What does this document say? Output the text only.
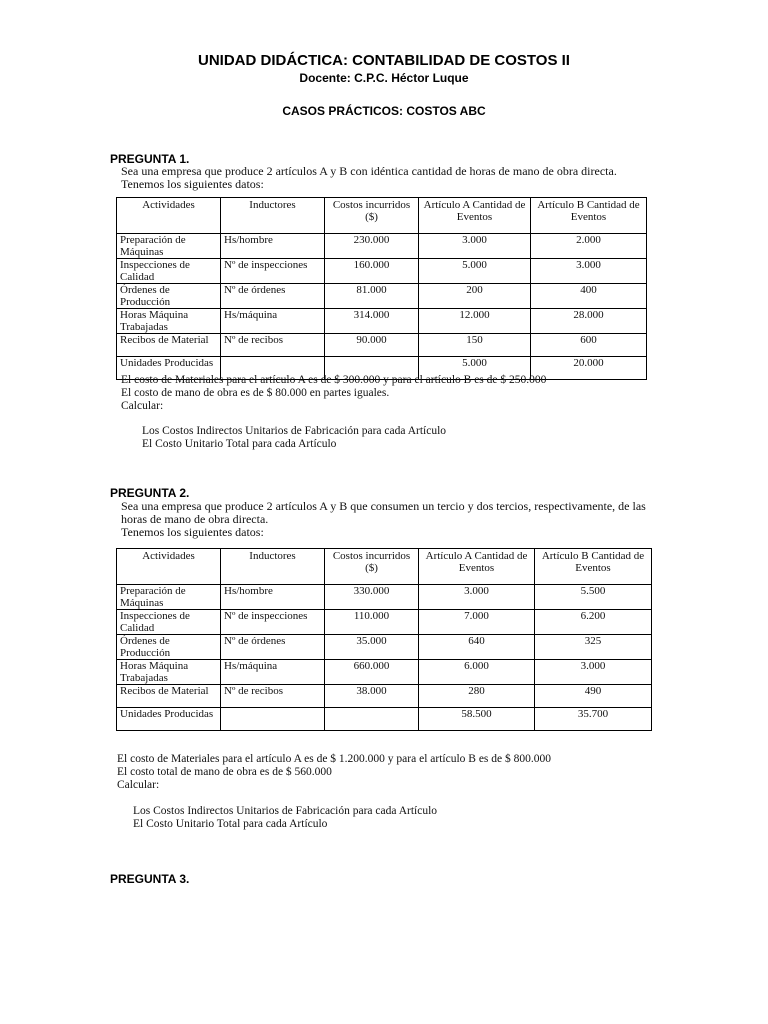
UNIDAD DIDÁCTICA: CONTABILIDAD DE COSTOS II
Docente: C.P.C. Héctor Luque
CASOS PRÁCTICOS: COSTOS ABC
PREGUNTA 1.

Sea una empresa que produce 2 artículos A y B con idéntica cantidad de horas de mano de obra directa.

Tenemos los siguientes datos:

Actividades	Inductores	Costos incurridos ($)	Artículo A Cantidad de Eventos	Artículo B Cantidad de Eventos
Preparación de Máquinas	Hs/hombre	230.000	3.000	2.000
Inspecciones de Calidad	Nº de inspecciones	160.000	5.000	3.000
Órdenes de Producción	Nº de órdenes	81.000	200	400
Horas Máquina Trabajadas	Hs/máquina	314.000	12.000	28.000
Recibos de Material	Nº de recibos	90.000	150	600
Unidades Producidas			5.000	20.000

El costo de Materiales para el artículo A es de $ 300.000 y para el artículo B es de $ 250.000

El costo de mano de obra es de $ 80.000 en partes iguales.

Calcular:

Los Costos Indirectos Unitarios de Fabricación para cada Artículo

El Costo Unitario Total para cada Artículo

PREGUNTA 2.

Sea una empresa que produce 2 artículos A y B que consumen un tercio y dos tercios, respectivamente, de las

horas de mano de obra directa.

Tenemos los siguientes datos:

Actividades	Inductores	Costos incurridos ($)	Artículo A Cantidad de Eventos	Artículo B Cantidad de Eventos
Preparación de Máquinas	Hs/hombre	330.000	3.000	5.500
Inspecciones de Calidad	Nº de inspecciones	110.000	7.000	6.200
Órdenes de Producción	Nº de órdenes	35.000	640	325
Horas Máquina Trabajadas	Hs/máquina	660.000	6.000	3.000
Recibos de Material	Nº de recibos	38.000	280	490
Unidades Producidas			58.500	35.700

El costo de Materiales para el artículo A es de $ 1.200.000 y para el artículo B es de $ 800.000

El costo total de mano de obra es de $ 560.000

Calcular:

Los Costos Indirectos Unitarios de Fabricación para cada Artículo

El Costo Unitario Total para cada Artículo

PREGUNTA 3.
